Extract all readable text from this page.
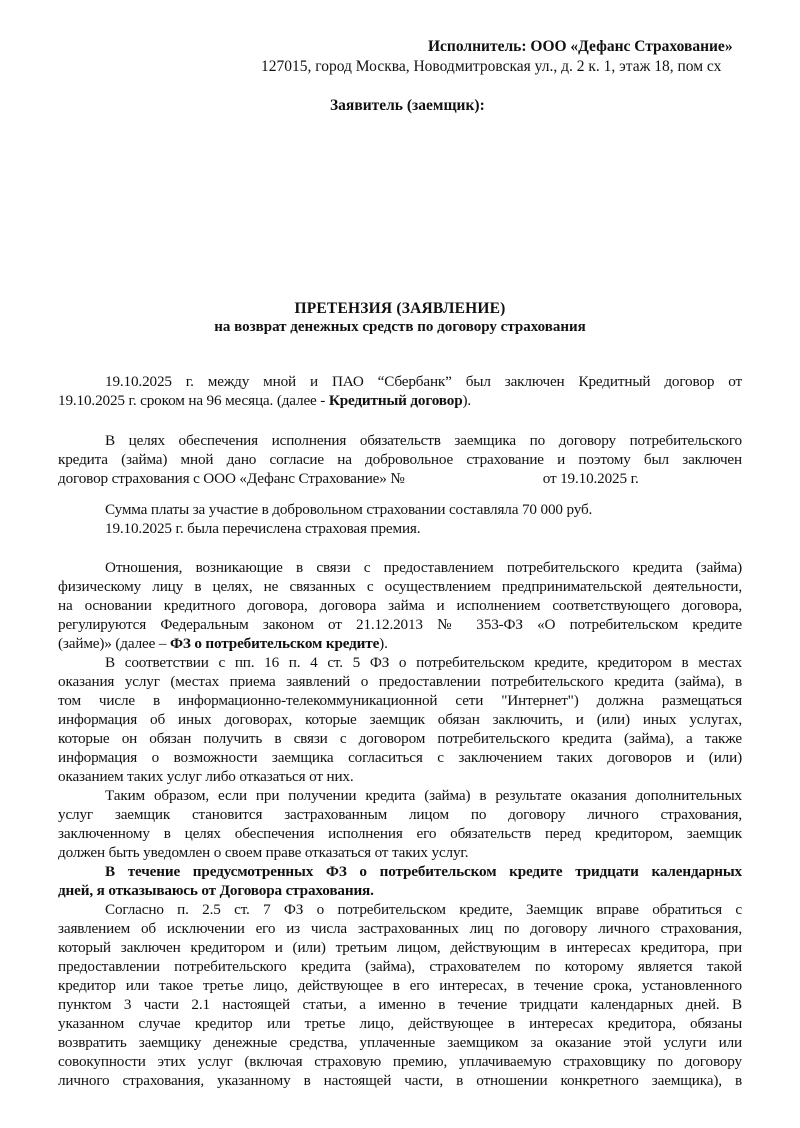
Исполнитель: ООО «Дефанс Страхование»
127015, город Москва, Новодмитровская ул., д. 2 к. 1, этаж 18, пом сх
Заявитель (заемщик):
ПРЕТЕНЗИЯ (ЗАЯВЛЕНИЕ)
на возврат денежных средств по договору страхования
19.10.2025 г. между мной и ПАО “Сбербанк” был заключен Кредитный договор от
19.10.2025 г. сроком на 96 месяца. (далее - Кредитный договор).
В целях обеспечения исполнения обязательств заемщика по договору потребительского
кредита (займа) мной дано согласие на добровольное страхование и поэтому был заключен
договор страхования с ООО «Дефанс Страхование» №	от 19.10.2025 г.
Сумма платы за участие в добровольном страховании составляла 70 000 руб.
19.10.2025 г. была перечислена страховая премия.
Отношения, возникающие в связи с предоставлением потребительского кредита (займа)
физическому лицу в целях, не связанных с осуществлением предпринимательской деятельности,
на основании кредитного договора, договора займа и исполнением соответствующего договора,
регулируются Федеральным законом от 21.12.2013 № 353-ФЗ «О потребительском кредите
(займе)» (далее – ФЗ о потребительском кредите).
В соответствии с пп. 16 п. 4 ст. 5 ФЗ о потребительском кредите, кредитором в местах
оказания услуг (местах приема заявлений о предоставлении потребительского кредита (займа), в
том числе в информационно-телекоммуникационной сети "Интернет") должна размещаться
информация об иных договорах, которые заемщик обязан заключить, и (или) иных услугах,
которые он обязан получить в связи с договором потребительского кредита (займа), а также
информация о возможности заемщика согласиться с заключением таких договоров и (или)
оказанием таких услуг либо отказаться от них.
Таким образом, если при получении кредита (займа) в результате оказания дополнительных
услуг заемщик становится застрахованным лицом по договору личного страхования,
заключенному в целях обеспечения исполнения его обязательств перед кредитором, заемщик
должен быть уведомлен о своем праве отказаться от таких услуг.
В течение предусмотренных ФЗ о потребительском кредите тридцати календарных
дней, я отказываюсь от Договора страхования.
Согласно п. 2.5 ст. 7 ФЗ о потребительском кредите, Заемщик вправе обратиться с
заявлением об исключении его из числа застрахованных лиц по договору личного страхования,
который заключен кредитором и (или) третьим лицом, действующим в интересах кредитора, при
предоставлении потребительского кредита (займа), страхователем по которому является такой
кредитор или такое третье лицо, действующее в его интересах, в течение срока, установленного
пунктом 3 части 2.1 настоящей статьи, а именно в течение тридцати календарных дней. В
указанном случае кредитор или третье лицо, действующее в интересах кредитора, обязаны
возвратить заемщику денежные средства, уплаченные заемщиком за оказание этой услуги или
совокупности этих услуг (включая страховую премию, уплачиваемую страховщику по договору
личного страхования, указанному в настоящей части, в отношении конкретного заемщика), в
